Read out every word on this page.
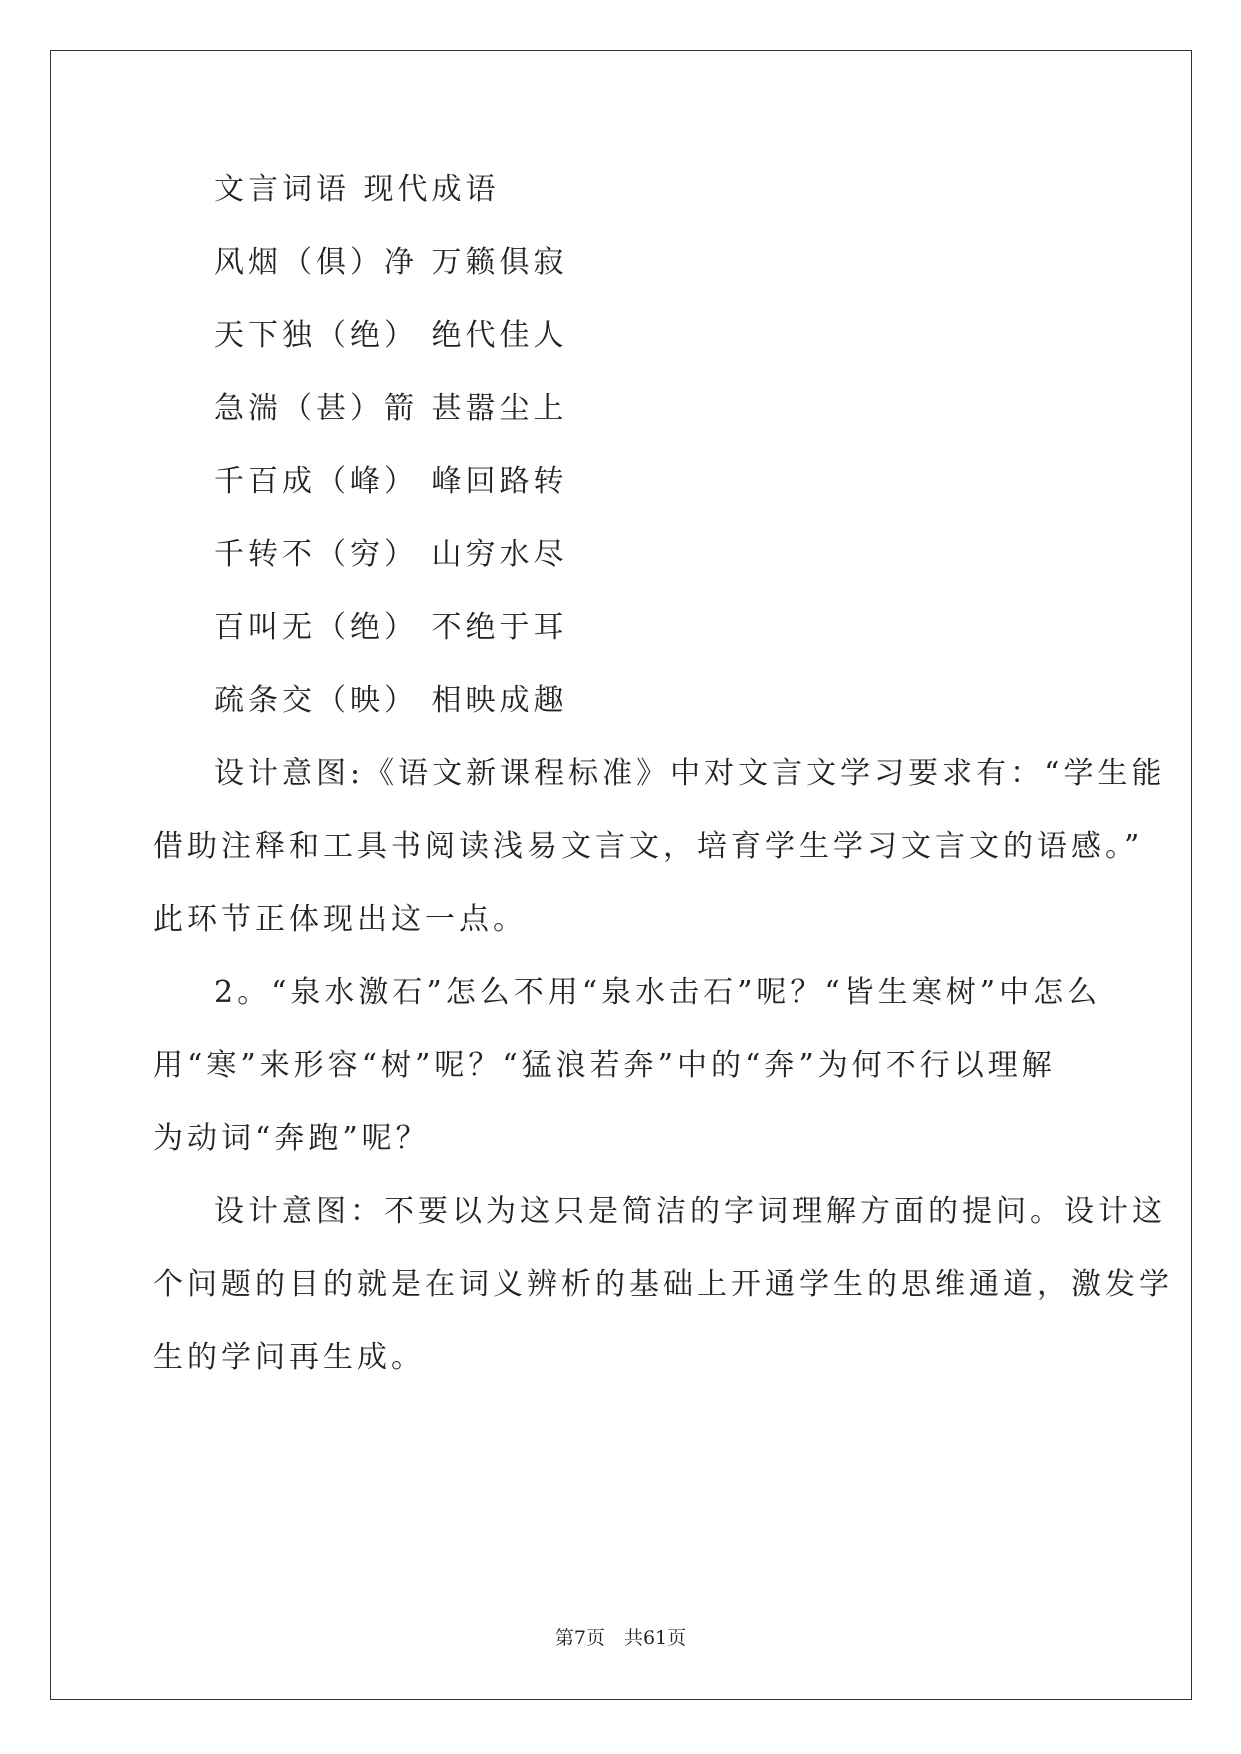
文言词语 现代成语
风烟（俱）净 万籁俱寂
天下独（绝） 绝代佳人
急湍（甚）箭 甚嚣尘上
千百成（峰） 峰回路转
千转不（穷） 山穷水尽
百叫无（绝） 不绝于耳
疏条交（映） 相映成趣
设计意图:《语文新课程标准》中对文言文学习要求有：“学生能
借助注释和工具书阅读浅易文言文，培育学生学习文言文的语感。”
此环节正体现出这一点。
2。“泉水激石”怎么不用“泉水击石”呢？“皆生寒树”中怎么
用“寒”来形容“树”呢？“猛浪若奔”中的“奔”为何不行以理解
为动词“奔跑”呢？
设计意图：不要以为这只是简洁的字词理解方面的提问。设计这
个问题的目的就是在词义辨析的基础上开通学生的思维通道，激发学
生的学问再生成。
第7页　共61页
